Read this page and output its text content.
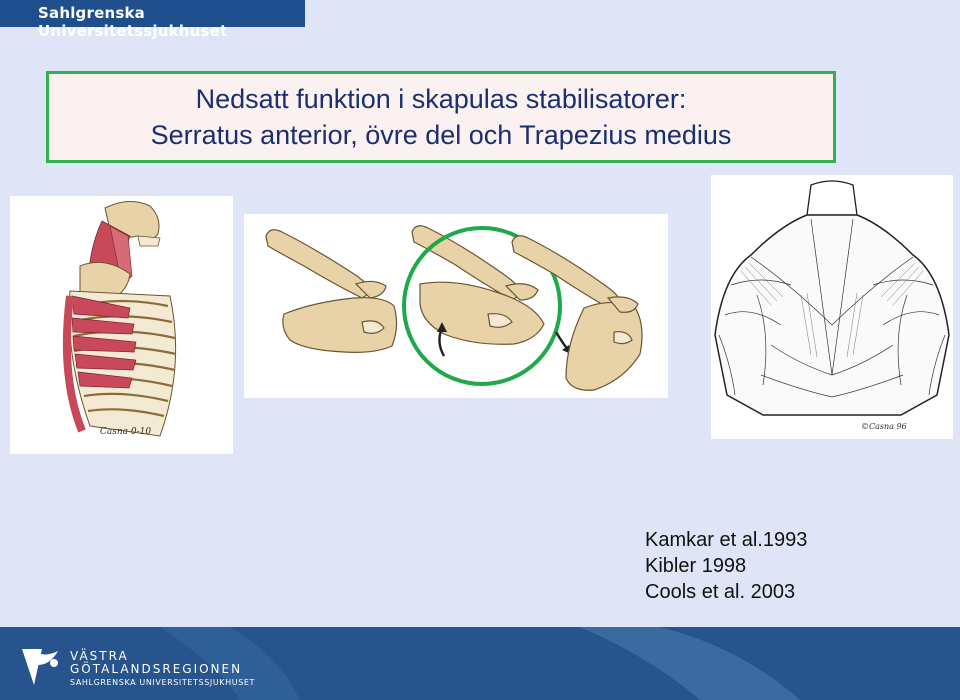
Sahlgrenska Universitetssjukhuset
Nedsatt funktion i skapulas stabilisatorer:
Serratus anterior, övre del och Trapezius medius
Casna 0-10
©Casna 96
Kamkar et al.1993
Kibler 1998
Cools et al. 2003
VÄSTRA
GÖTALANDSREGIONEN
SAHLGRENSKA UNIVERSITETSSJUKHUSET
